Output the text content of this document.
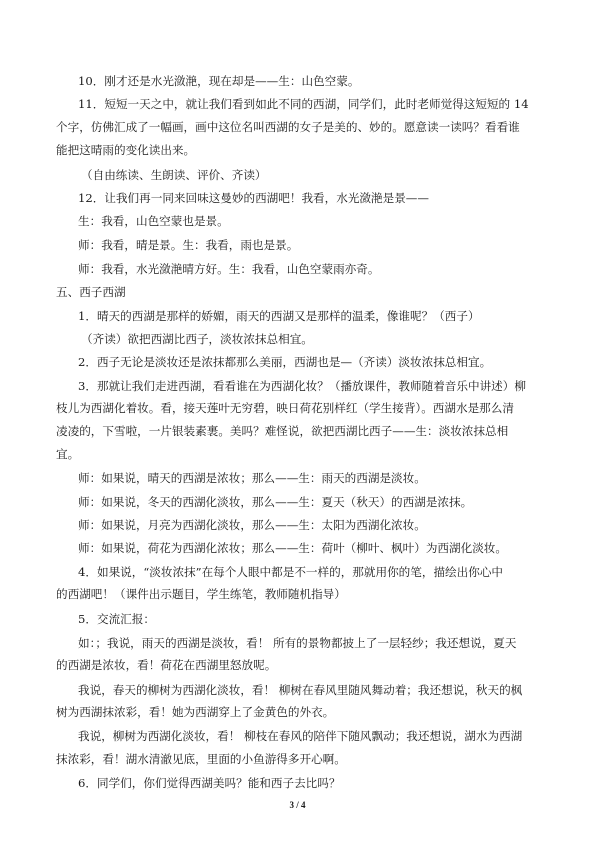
10．刚才还是水光潋滟，现在却是——生：山色空蒙。
11．短短一天之中，就让我们看到如此不同的西湖，同学们，此时老师觉得这短短的 14
个字，仿佛汇成了一幅画，画中这位名叫西湖的女子是美的、妙的。愿意读一读吗？看看谁
能把这晴雨的变化读出来。
（自由练读、生朗读、评价、齐读）
12．让我们再一同来回味这曼妙的西湖吧！我看，水光潋滟是景——
生：我看，山色空蒙也是景。
师：我看，晴是景。生：我看，雨也是景。
师：我看，水光潋滟晴方好。生：我看，山色空蒙雨亦奇。
五、西子西湖
1．晴天的西湖是那样的娇媚，雨天的西湖又是那样的温柔，像谁呢？（西子）
（齐读）欲把西湖比西子，淡妆浓抹总相宜。
2．西子无论是淡妆还是浓抹都那么美丽，西湖也是—（齐读）淡妆浓抹总相宜。
3．那就让我们走进西湖，看看谁在为西湖化妆？（播放课件，教师随着音乐中讲述）柳
枝儿为西湖化着妆。看，接天莲叶无穷碧，映日荷花别样红（学生接背）。西湖水是那么清
凌凌的，下雪啦，一片银装素裹。美吗？难怪说，欲把西湖比西子——生：淡妆浓抹总相
宜。
师：如果说，晴天的西湖是浓妆；那么——生：雨天的西湖是淡妆。
师：如果说，冬天的西湖化淡妆，那么——生：夏天（秋天）的西湖是浓抹。
师：如果说，月亮为西湖化淡妆，那么——生：太阳为西湖化浓妆。
师：如果说，荷花为西湖化浓妆；那么——生：荷叶（柳叶、枫叶）为西湖化淡妆。
4．如果说，“淡妆浓抹”在每个人眼中都是不一样的，那就用你的笔，描绘出你心中
的西湖吧！（课件出示题目，学生练笔，教师随机指导）
5．交流汇报：
如：；我说，雨天的西湖是淡妆，看！ 所有的景物都披上了一层轻纱；我还想说，夏天
的西湖是浓妆，看！荷花在西湖里怒放呢。
我说，春天的柳树为西湖化淡妆，看！ 柳树在春风里随风舞动着；我还想说，秋天的枫
树为西湖抹浓彩，看！她为西湖穿上了金黄色的外衣。
我说，柳树为西湖化淡妆，看！ 柳枝在春风的陪伴下随风飘动；我还想说，湖水为西湖
抹浓彩，看！湖水清澈见底，里面的小鱼游得多开心啊。
6．同学们，你们觉得西湖美吗？能和西子去比吗？
3 / 4
